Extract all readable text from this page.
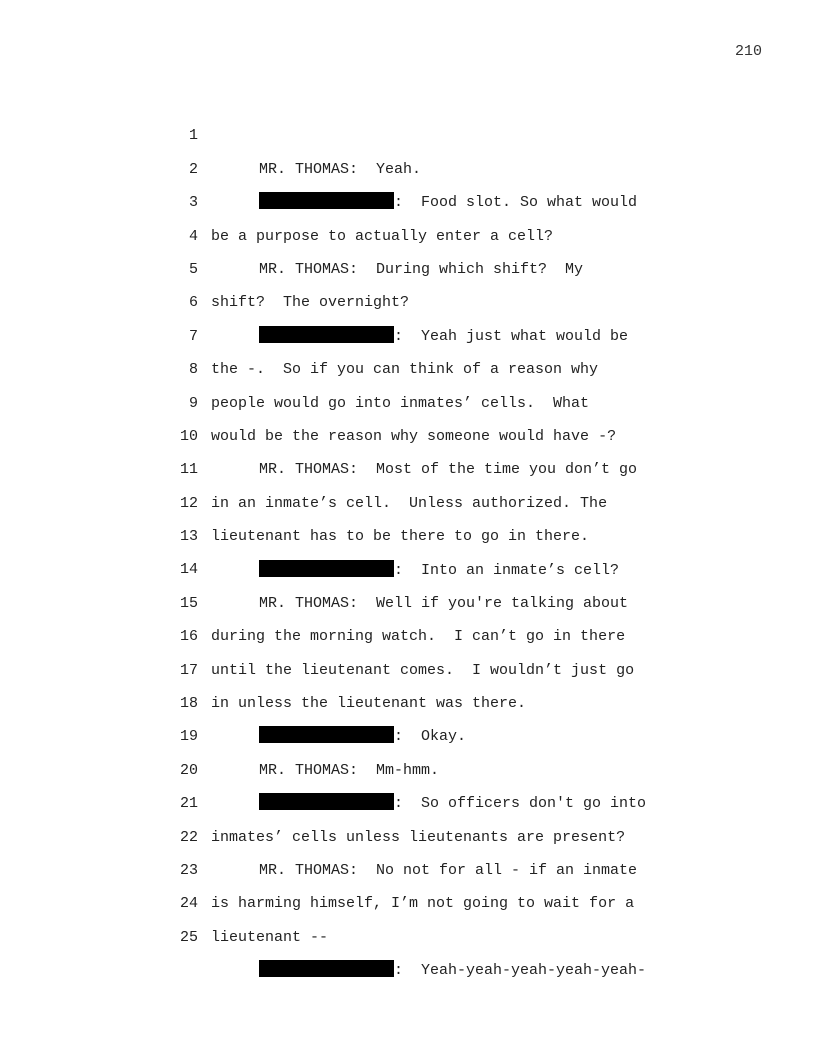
210

1

MR. THOMAS:  Yeah.

2

:  Food slot. So what would

3

be a purpose to actually enter a cell?

4

MR. THOMAS:  During which shift?  My

5

shift?  The overnight?

6

:  Yeah just what would be

7

the -.  So if you can think of a reason why

8

people would go into inmates’ cells.  What

9

would be the reason why someone would have -?

10

MR. THOMAS:  Most of the time you don’t go

11

in an inmate’s cell.  Unless authorized. The

12

lieutenant has to be there to go in there.

13

:  Into an inmate’s cell?

14

MR. THOMAS:  Well if you're talking about

15

during the morning watch.  I can’t go in there

16

until the lieutenant comes.  I wouldn’t just go

17

in unless the lieutenant was there.

18

:  Okay.

19

MR. THOMAS:  Mm-hmm.

20

:  So officers don't go into

21

inmates’ cells unless lieutenants are present?

22

MR. THOMAS:  No not for all - if an inmate

23

is harming himself, I’m not going to wait for a

24

lieutenant --

25

:  Yeah-yeah-yeah-yeah-yeah-
